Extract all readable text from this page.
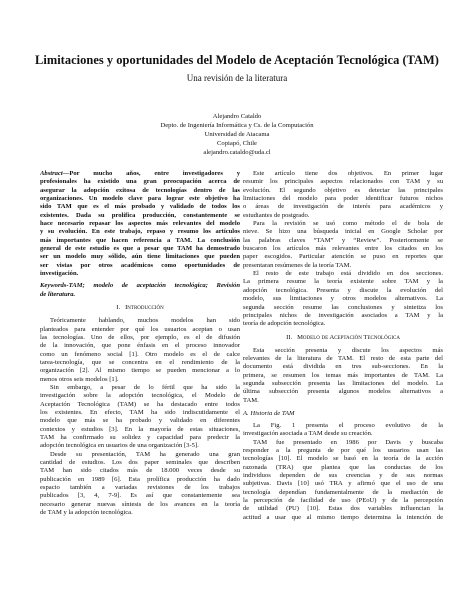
Limitaciones y oportunidades del Modelo de Aceptación Tecnológica (TAM)
Una revisión de la literatura
Alejandro Cataldo
Depto. de Ingeniería Informática y Cs. de la Computación
Universidad de Atacama
Copiapó, Chile
alejandro.cataldo@uda.cl
Abstract—Por mucho años, entre investigadores y
profesionales ha existido una gran preocupación acerca de
asegurar la adopción exitosa de tecnologías dentro de las
organizaciones. Un modelo clave para lograr este objetivo ha
sido TAM que es el más probado y validado de todos los
existentes. Dada su prolífica producción, constantemente se
hace necesario repasar los aspectos más relevantes del modelo
y su evolución. En este trabajo, repaso y resumo los artículos
más importantes que hacen referencia a TAM. La conclusión
general de este estudio es que a pesar que TAM ha demostrado
ser un modelo muy sólido, aún tiene limitaciones que pueden
ser vistas por otros académicos como oportunidades de
investigación.
Keywords-TAM; modelo de aceptación tecnológica; Revisión
de literatura.
I. Introducción
Teóricamente hablando, muchos modelos han sido
planteados para entender por qué los usuarios aceptan o usan
las tecnologías. Uno de ellos, por ejemplo, es el de difusión
de la innovación, que pone énfasis en el proceso innovador
como un fenómeno social [1]. Otro modelo es el de calce
tarea-tecnología, que se concentra en el rendimiento de la
organización [2]. Al mismo tiempo se pueden mencionar a lo
menos otros seis modelos [1].
Sin embargo, a pesar de lo fértil que ha sido la
investigación sobre la adopción tecnológica, el Modelo de
Aceptación Tecnológica (TAM) se ha destacado entre todos
los existentes. En efecto, TAM ha sido indiscutidamente el
modelo que más se ha probado y validado en diferentes
contextos y estudios [3]. En la mayoría de estas situaciones,
TAM ha confirmado su solidez y capacidad para predecir la
adopción tecnológica en usuarios de una organización [3-5].
Desde su presentación, TAM ha generado una gran
cantidad de estudios. Los dos paper seminales que describen
TAM han sido citados más de 18.000 veces desde su
publicación en 1989 [6]. Esta prolífica producción ha dado
espacio también a variadas revisiones de los trabajos
publicados [3, 4, 7-9]. Es así que constantemente sea
necesario generar nuevas síntesis de los avances en la teoría
de TAM y la adopción tecnológica.
Este artículo tiene dos objetivos. En primer lugar
resumir los principales aspectos relacionados con TAM y su
evolución. El segundo objetivo es detectar las principales
limitaciones del modelo para poder identificar futuros nichos
o áreas de investigación de interés para académicos y
estudiantes de postgrado.
Para la revisión se usó como método el de bola de
nieve. Se hizo una búsqueda inicial en Google Scholar por
las palabras claves “TAM” y “Review”. Posteriormente se
buscaron los artículos más relevantes entre los citados en los
paper escogidos. Particular atención se puso en reportes que
presentaran resúmenes de la teoría TAM.
El resto de este trabajo está dividido en dos secciones.
La primera resume la teoría existente sobre TAM y la
adopción tecnológica. Presenta y discute la evolución del
modelo, sus limitaciones y otros modelos alternativos. La
segunda sección resume las conclusiones y sintetiza los
principales nichos de investigación asociados a TAM y la
teoría de adopción tecnológica.
II. Modelo de Aceptación Tecnológica
Esta sección presenta y discute los aspectos más
relevantes de la literatura de TAM. El resto de esta parte del
documento está dividida en tres sub-secciones. En la
primera, se resumen los temas más importantes de TAM. La
segunda subsección presenta las limitaciones del modelo. La
última subsección presenta algunos modelos alternativos a
TAM.
A. Historia de TAM
La Fig. 1 presenta el proceso evolutivo de la
investigación asociada a TAM desde su creación.
TAM fue presentado en 1986 por Davis y buscaba
responder a la pregunta de por qué los usuarios usan las
tecnologías [10]. El modelo se basó en la teoría de la acción
razonada (TRA) que plantea que las conductas de los
individuos dependen de sus creencias y de sus normas
subjetivas. Davis [10] usó TRA y afirmó que el uso de una
tecnología dependían fundamentalmente de la mediación de
la percepción de facilidad de uso (PEoU) y de la percepción
de utilidad (PU) [10]. Estas dos variables influencian la
actitud a usar que al mismo tiempo determina la intención de
